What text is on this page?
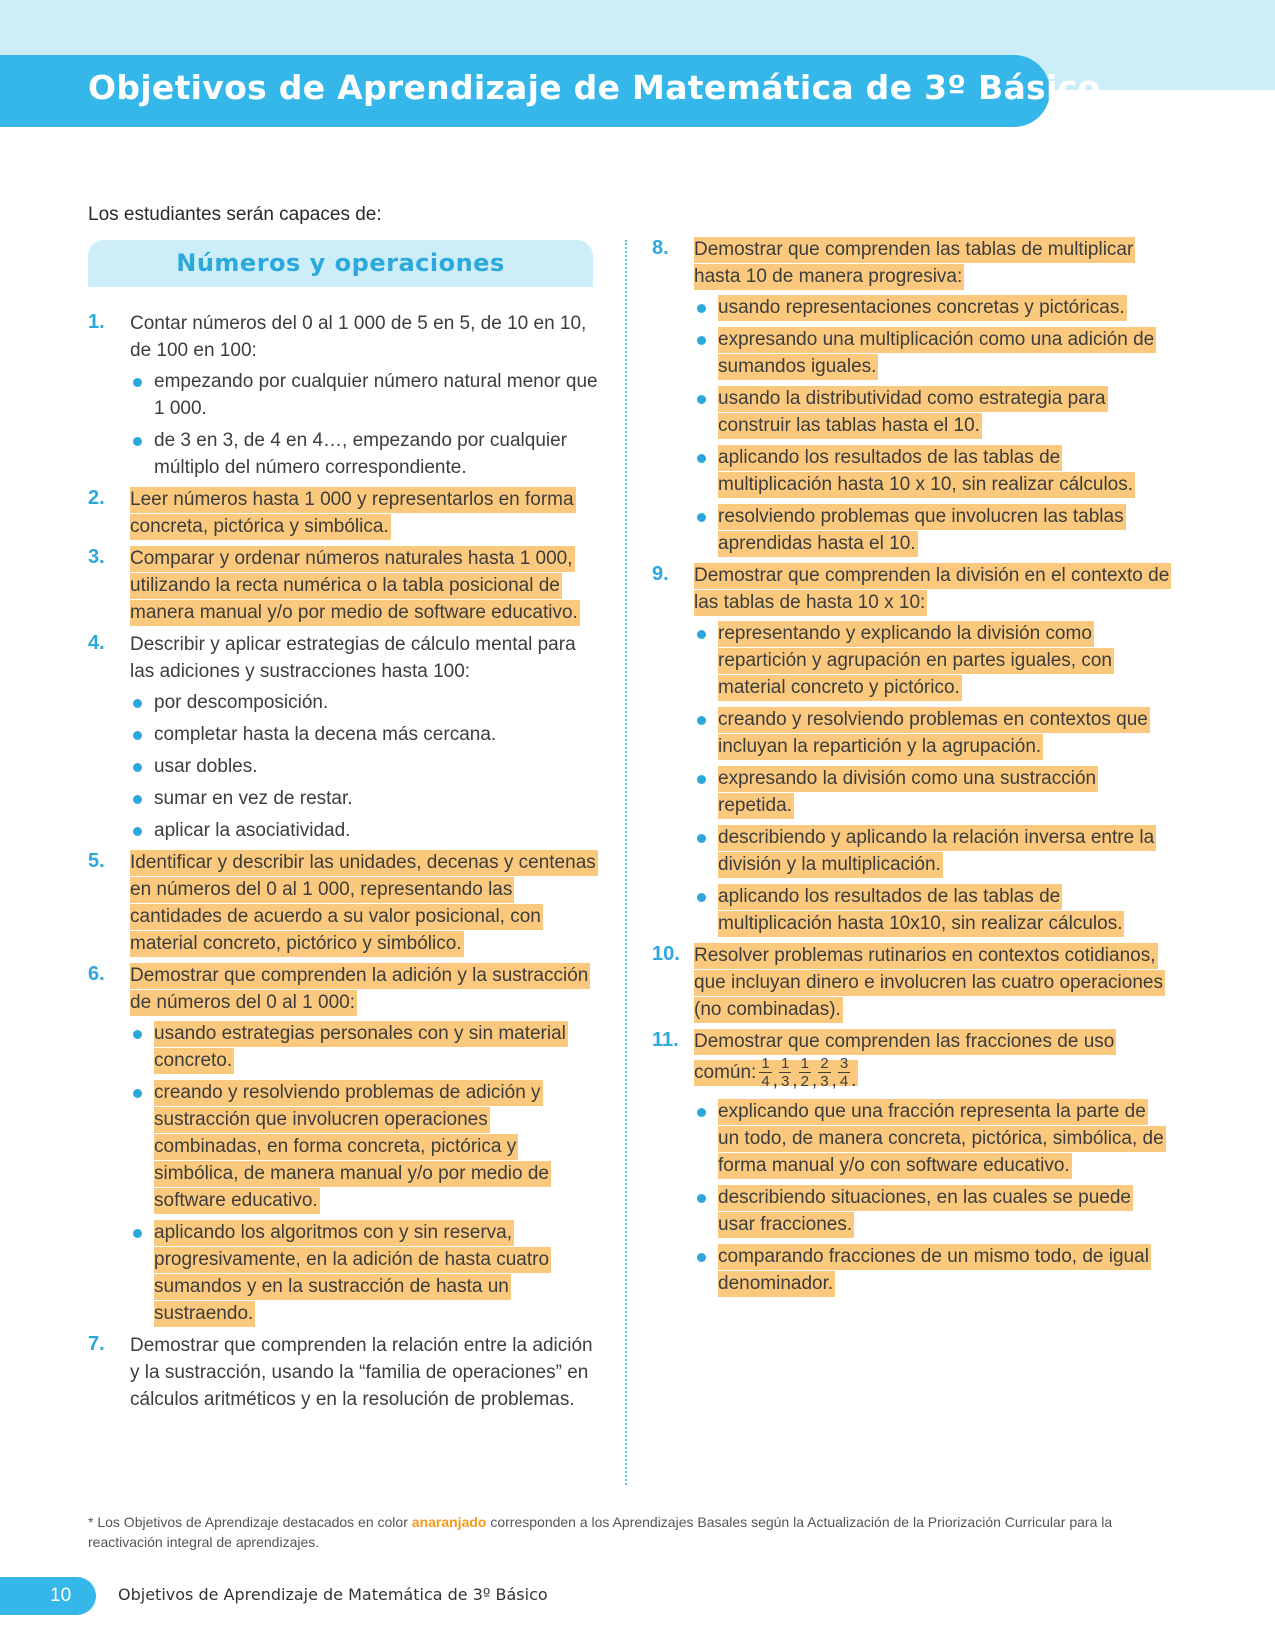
Objetivos de Aprendizaje de Matemática de 3º Básico
Los estudiantes serán capaces de:
Números y operaciones
1. Contar números del 0 al 1 000 de 5 en 5, de 10 en 10, de 100 en 100:
empezando por cualquier número natural menor que 1 000.
de 3 en 3, de 4 en 4…, empezando por cualquier múltiplo del número correspondiente.
2. Leer números hasta 1 000 y representarlos en forma concreta, pictórica y simbólica.
3. Comparar y ordenar números naturales hasta 1 000, utilizando la recta numérica o la tabla posicional de manera manual y/o por medio de software educativo.
4. Describir y aplicar estrategias de cálculo mental para las adiciones y sustracciones hasta 100:
por descomposición.
completar hasta la decena más cercana.
usar dobles.
sumar en vez de restar.
aplicar la asociatividad.
5. Identificar y describir las unidades, decenas y centenas en números del 0 al 1 000, representando las cantidades de acuerdo a su valor posicional, con material concreto, pictórico y simbólico.
6. Demostrar que comprenden la adición y la sustracción de números del 0 al 1 000:
usando estrategias personales con y sin material concreto.
creando y resolviendo problemas de adición y sustracción que involucren operaciones combinadas, en forma concreta, pictórica y simbólica, de manera manual y/o por medio de software educativo.
aplicando los algoritmos con y sin reserva, progresivamente, en la adición de hasta cuatro sumandos y en la sustracción de hasta un sustraendo.
7. Demostrar que comprenden la relación entre la adición y la sustracción, usando la “familia de operaciones” en cálculos aritméticos y en la resolución de problemas.
8. Demostrar que comprenden las tablas de multiplicar hasta 10 de manera progresiva:
usando representaciones concretas y pictóricas.
expresando una multiplicación como una adición de sumandos iguales.
usando la distributividad como estrategia para construir las tablas hasta el 10.
aplicando los resultados de las tablas de multiplicación hasta 10 x 10, sin realizar cálculos.
resolviendo problemas que involucren las tablas aprendidas hasta el 10.
9. Demostrar que comprenden la división en el contexto de las tablas de hasta 10 x 10:
representando y explicando la división como repartición y agrupación en partes iguales, con material concreto y pictórico.
creando y resolviendo problemas en contextos que incluyan la repartición y la agrupación.
expresando la división como una sustracción repetida.
describiendo y aplicando la relación inversa entre la división y la multiplicación.
aplicando los resultados de las tablas de multiplicación hasta 10x10, sin realizar cálculos.
10. Resolver problemas rutinarios en contextos cotidianos, que incluyan dinero e involucren las cuatro operaciones (no combinadas).
11. Demostrar que comprenden las fracciones de uso común: $\frac{1}{4}$ , $\frac{1}{3}$ , $\frac{1}{2}$ , $\frac{2}{3}$ , $\frac{3}{4}$ .
explicando que una fracción representa la parte de un todo, de manera concreta, pictórica, simbólica, de forma manual y/o con software educativo.
describiendo situaciones, en las cuales se puede usar fracciones.
comparando fracciones de un mismo todo, de igual denominador.
* Los Objetivos de Aprendizaje destacados en color anaranjado corresponden a los Aprendizajes Basales según la Actualización de la Priorización Curricular para la reactivación integral de aprendizajes.
10	Objetivos de Aprendizaje de Matemática de 3º Básico
